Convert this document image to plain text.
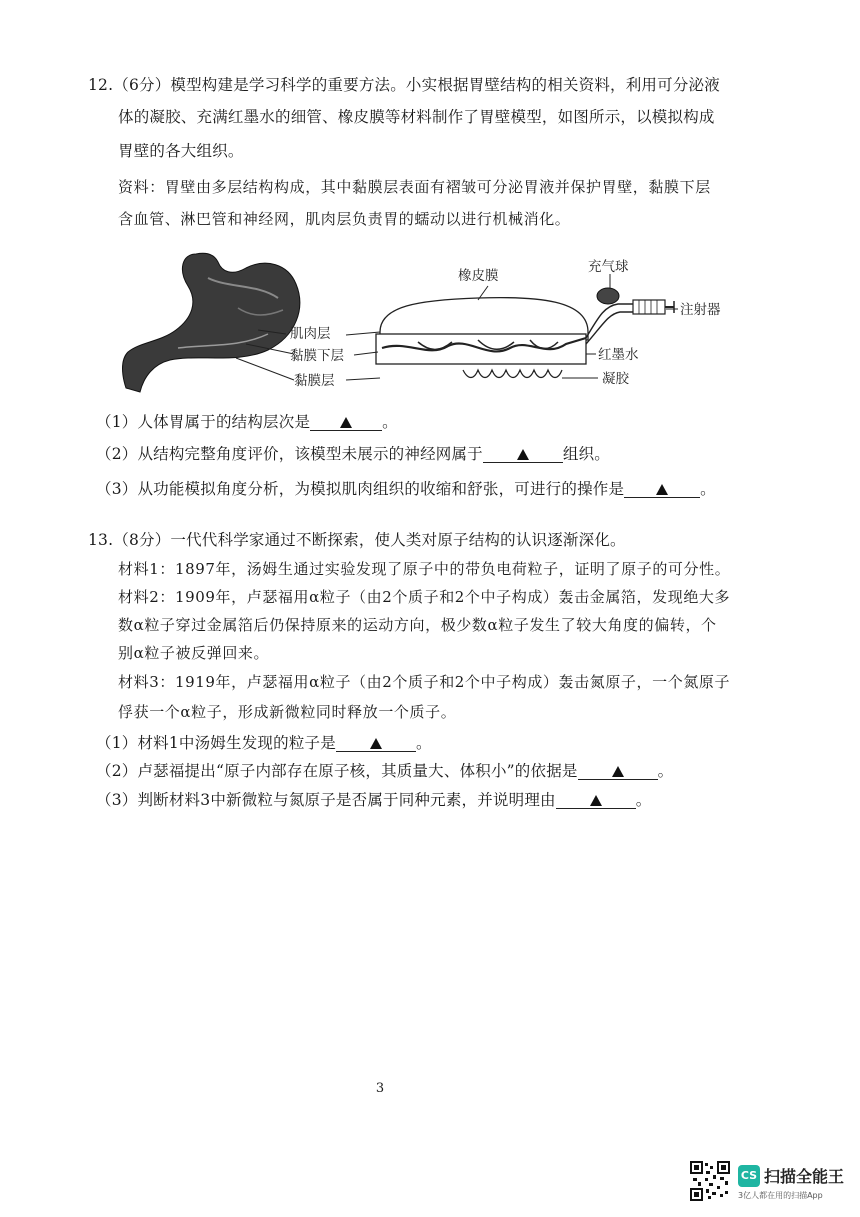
12.（6分）模型构建是学习科学的重要方法。小实根据胃壁结构的相关资料，利用可分泌液
体的凝胶、充满红墨水的细管、橡皮膜等材料制作了胃壁模型，如图所示，以模拟构成
胃壁的各大组织。
资料：胃壁由多层结构构成，其中黏膜层表面有褶皱可分泌胃液并保护胃壁，黏膜下层
含血管、淋巴管和神经网，肌肉层负责胃的蠕动以进行机械消化。
橡皮膜
充气球
注射器
肌肉层
黏膜下层	红墨水
黏膜层	凝胶
（1）人体胃属于的结构层次是	。
（2）从结构完整角度评价，该模型未展示的神经网属于	组织。
（3）从功能模拟角度分析，为模拟肌肉组织的收缩和舒张，可进行的操作是	。
13.（8分）一代代科学家通过不断探索，使人类对原子结构的认识逐渐深化。
材料1：1897年，汤姆生通过实验发现了原子中的带负电荷粒子，证明了原子的可分性。
材料2：1909年，卢瑟福用α粒子（由2个质子和2个中子构成）轰击金属箔，发现绝大多
数α粒子穿过金属箔后仍保持原来的运动方向，极少数α粒子发生了较大角度的偏转，个
别α粒子被反弹回来。
材料3：1919年，卢瑟福用α粒子（由2个质子和2个中子构成）轰击氮原子，一个氮原子
俘获一个α粒子，形成新微粒同时释放一个质子。
（1）材料1中汤姆生发现的粒子是	。
（2）卢瑟福提出“原子内部存在原子核，其质量大、体积小”的依据是	。
（3）判断材料3中新微粒与氮原子是否属于同种元素，并说明理由	。
3
CS 扫描全能王
3亿人都在用的扫描App
